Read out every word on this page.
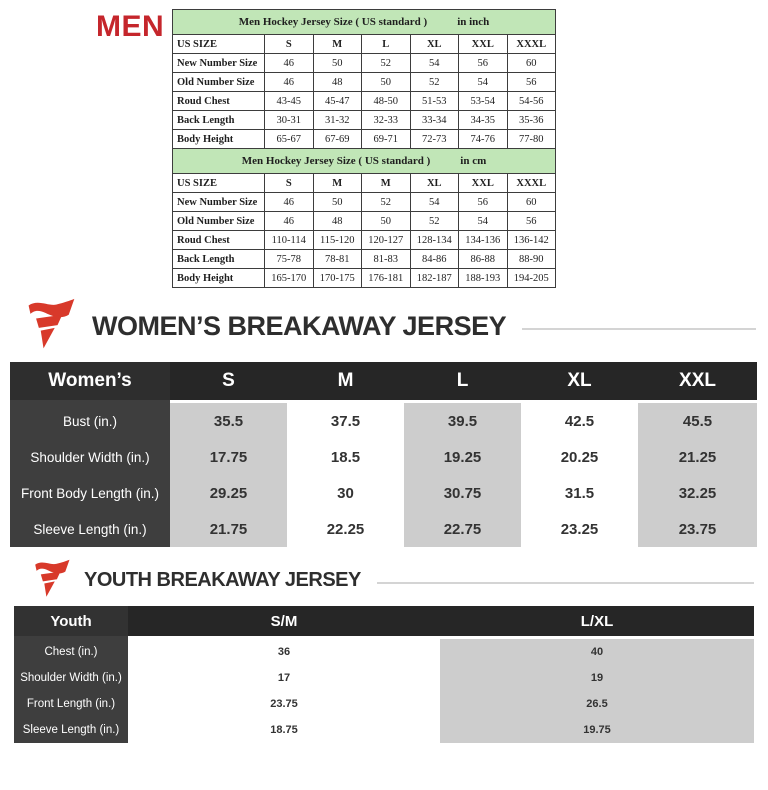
MEN	Men Hockey Jersey Size ( US standard ) in inch						
US SIZE	S	M	L	XL	XXL	XXXL
New Number Size	46	50	52	54	56	60
Old Number Size	46	48	50	52	54	56
Roud Chest	43-45	45-47	48-50	51-53	53-54	54-56
Back Length	30-31	31-32	32-33	33-34	34-35	35-36
Body Height	65-67	67-69	69-71	72-73	74-76	77-80
Men Hockey Jersey Size ( US standard ) in cm						
US SIZE	S	M	M	XL	XXL	XXXL
New Number Size	46	50	52	54	56	60
Old Number Size	46	48	50	52	54	56
Roud Chest	110-114	115-120	120-127	128-134	134-136	136-142
Back Length	75-78	78-81	81-83	84-86	86-88	88-90
Body Height	165-170	170-175	176-181	182-187	188-193	194-205
WOMEN’S BREAKAWAY JERSEY
Women’s	S	M	L	XL	XXL
Bust (in.)	35.5	37.5	39.5	42.5	45.5
Shoulder Width (in.)	17.75	18.5	19.25	20.25	21.25
Front Body Length (in.)	29.25	30	30.75	31.5	32.25
Sleeve Length (in.)	21.75	22.25	22.75	23.25	23.75
YOUTH BREAKAWAY JERSEY
Youth	S/M	L/XL
Chest (in.)	36	40
Shoulder Width (in.)	17	19
Front Length (in.)	23.75	26.5
Sleeve Length (in.)	18.75	19.75
